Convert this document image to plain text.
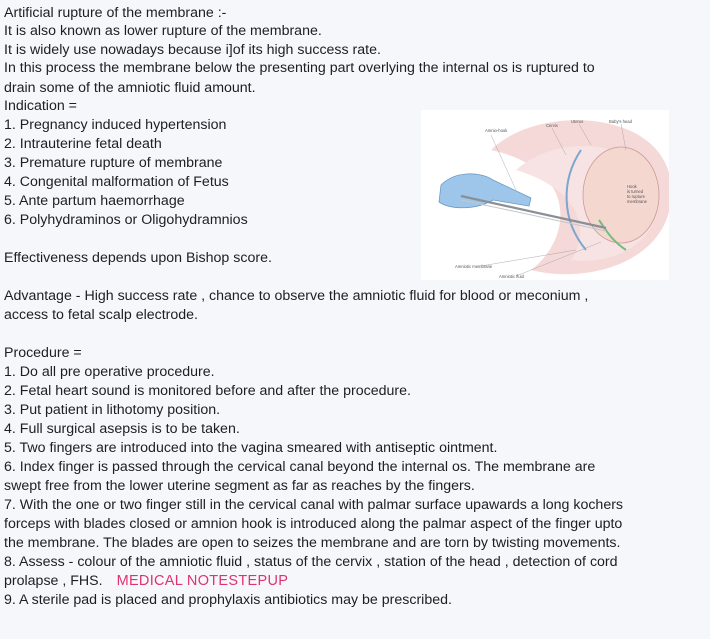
Artificial rupture of the membrane :-
It is also known as lower rupture of the membrane.
It is widely use nowadays because i]of its high success rate.
In this process the membrane below the presenting part overlying the internal os is ruptured to
drain some of the amniotic fluid amount.
Indication =
1. Pregnancy induced hypertension
2. Intrauterine fetal death
3. Premature rupture of membrane
4. Congenital malformation of Fetus
5. Ante partum haemorrhage
6. Polyhydraminos or Oligohydramnios
Effectiveness depends upon Bishop score.
Advantage - High success rate , chance to observe the amniotic fluid for blood or meconium ,
access to fetal scalp electrode.
Procedure =
1. Do all pre operative procedure.
2. Fetal heart sound is monitored before and after the procedure.
3. Put patient in lithotomy position.
4. Full surgical asepsis is to be taken.
5. Two fingers are introduced into the vagina smeared with antiseptic ointment.
6. Index finger is passed through the cervical canal beyond the internal os. The membrane are
swept free from the lower uterine segment as far as reaches by the fingers.
7. With the one or two finger still in the cervical canal with palmar surface upawards a long kochers
forceps with blades closed or amnion hook is introduced along the palmar aspect of the finger upto
the membrane. The blades are open to seizes the membrane and are torn by twisting movements.
8. Assess - colour of the amniotic fluid , status of the cervix , station of the head , detection of cord
prolapse , FHS. MEDICAL NOTESTEPUP
9. A sterile pad is placed and prophylaxis antibiotics may be prescribed.
Amnio-hook
Cervix
Uterus	Baby's head
Hook
is turned
to rupture
membrane
Amniotic membrane
Amniotic fluid
